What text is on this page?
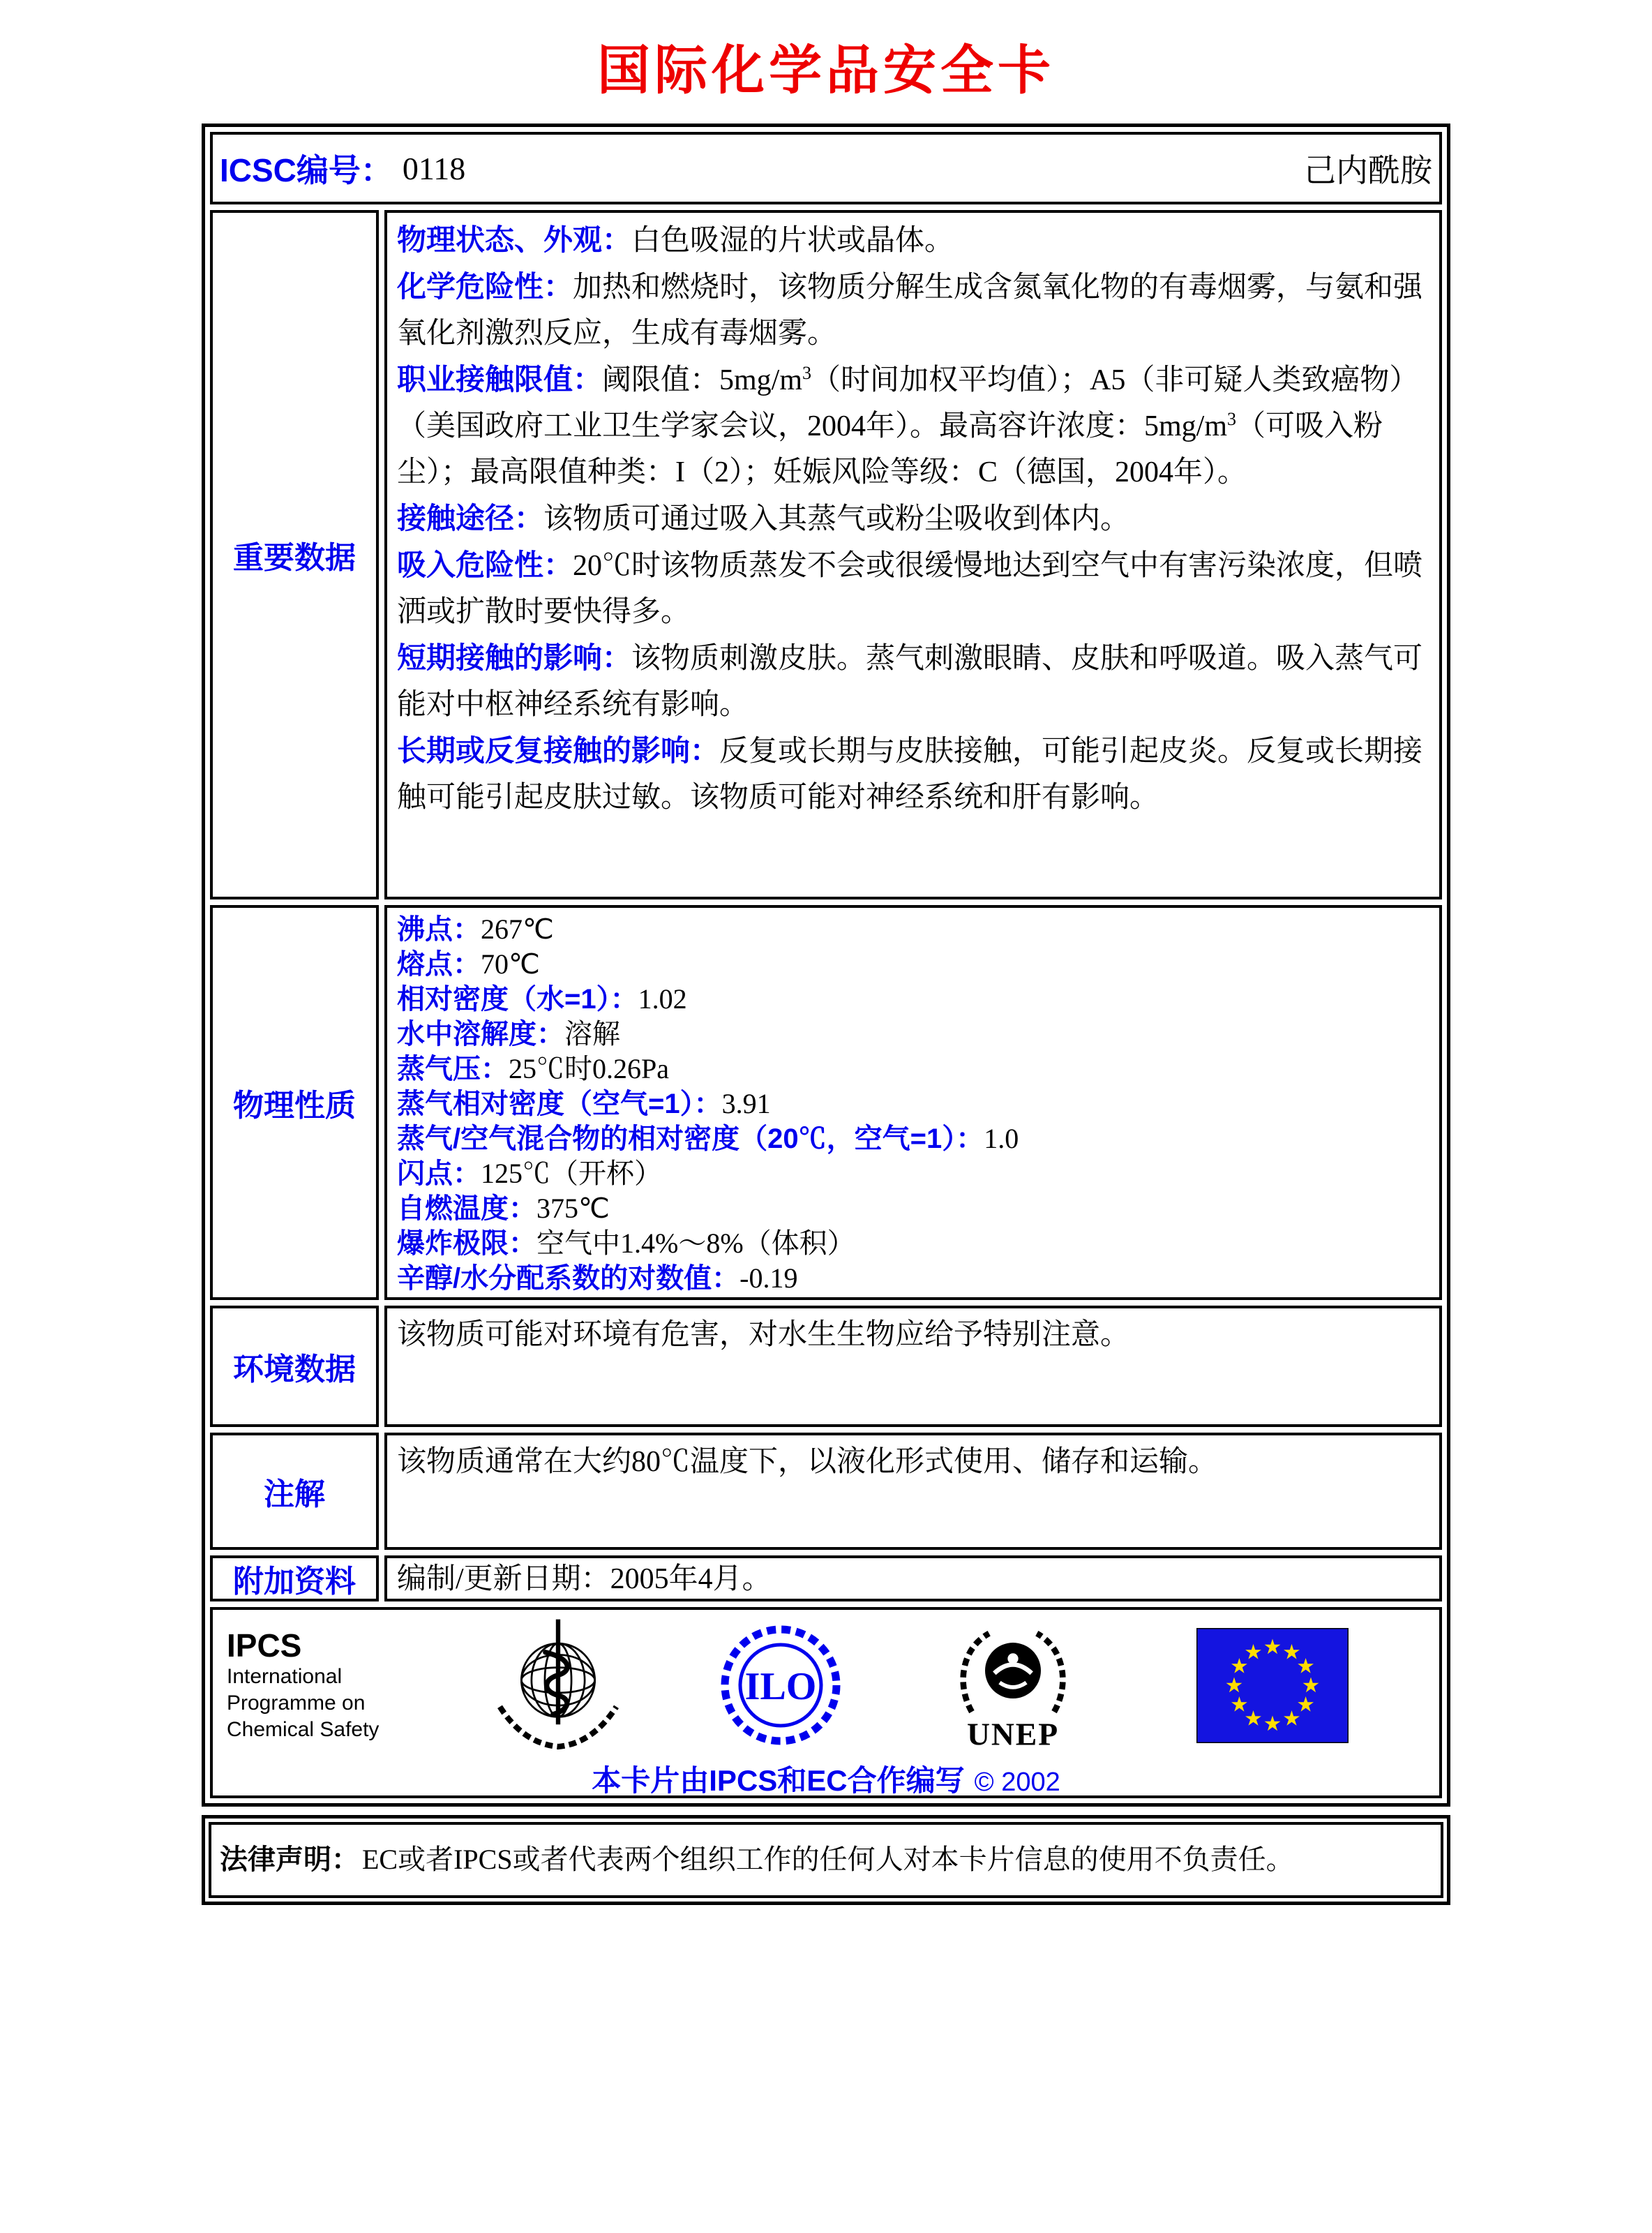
国际化学品安全卡
ICSC编号： 0118	己内酰胺
重要数据
物理状态、外观：白色吸湿的片状或晶体。
化学危险性：加热和燃烧时，该物质分解生成含氮氧化物的有毒烟雾，与氨和强氧化剂激烈反应，生成有毒烟雾。
职业接触限值：阈限值：$5mg/m^3$（时间加权平均值）；A5（非可疑人类致癌物）（美国政府工业卫生学家会议，2004年）。最高容许浓度：$5mg/m^3$（可吸入粉尘）；最高限值种类：I（2）；妊娠风险等级：C（德国，2004年）。
接触途径：该物质可通过吸入其蒸气或粉尘吸收到体内。
吸入危险性：20℃时该物质蒸发不会或很缓慢地达到空气中有害污染浓度，但喷洒或扩散时要快得多。
短期接触的影响：该物质刺激皮肤。蒸气刺激眼睛、皮肤和呼吸道。吸入蒸气可能对中枢神经系统有影响。
长期或反复接触的影响：反复或长期与皮肤接触，可能引起皮炎。反复或长期接触可能引起皮肤过敏。该物质可能对神经系统和肝有影响。
物理性质
沸点：267℃
熔点：70℃
相对密度（水=1）：1.02
水中溶解度：溶解
蒸气压：25℃时0.26Pa
蒸气相对密度（空气=1）：3.91
蒸气/空气混合物的相对密度（20℃，空气=1）：1.0
闪点：125℃（开杯）
自燃温度：375℃
爆炸极限：空气中1.4%～8%（体积）
辛醇/水分配系数的对数值：-0.19
环境数据
该物质可能对环境有危害，对水生生物应给予特别注意。
注解
该物质通常在大约80℃温度下，以液化形式使用、储存和运输。
附加资料 编制/更新日期：2005年4月。
IPCS
International
Programme on
Chemical Safety
ILO
UNEP
本卡片由IPCS和EC合作编写 © 2002
法律声明： EC或者IPCS或者代表两个组织工作的任何人对本卡片信息的使用不负责任。
